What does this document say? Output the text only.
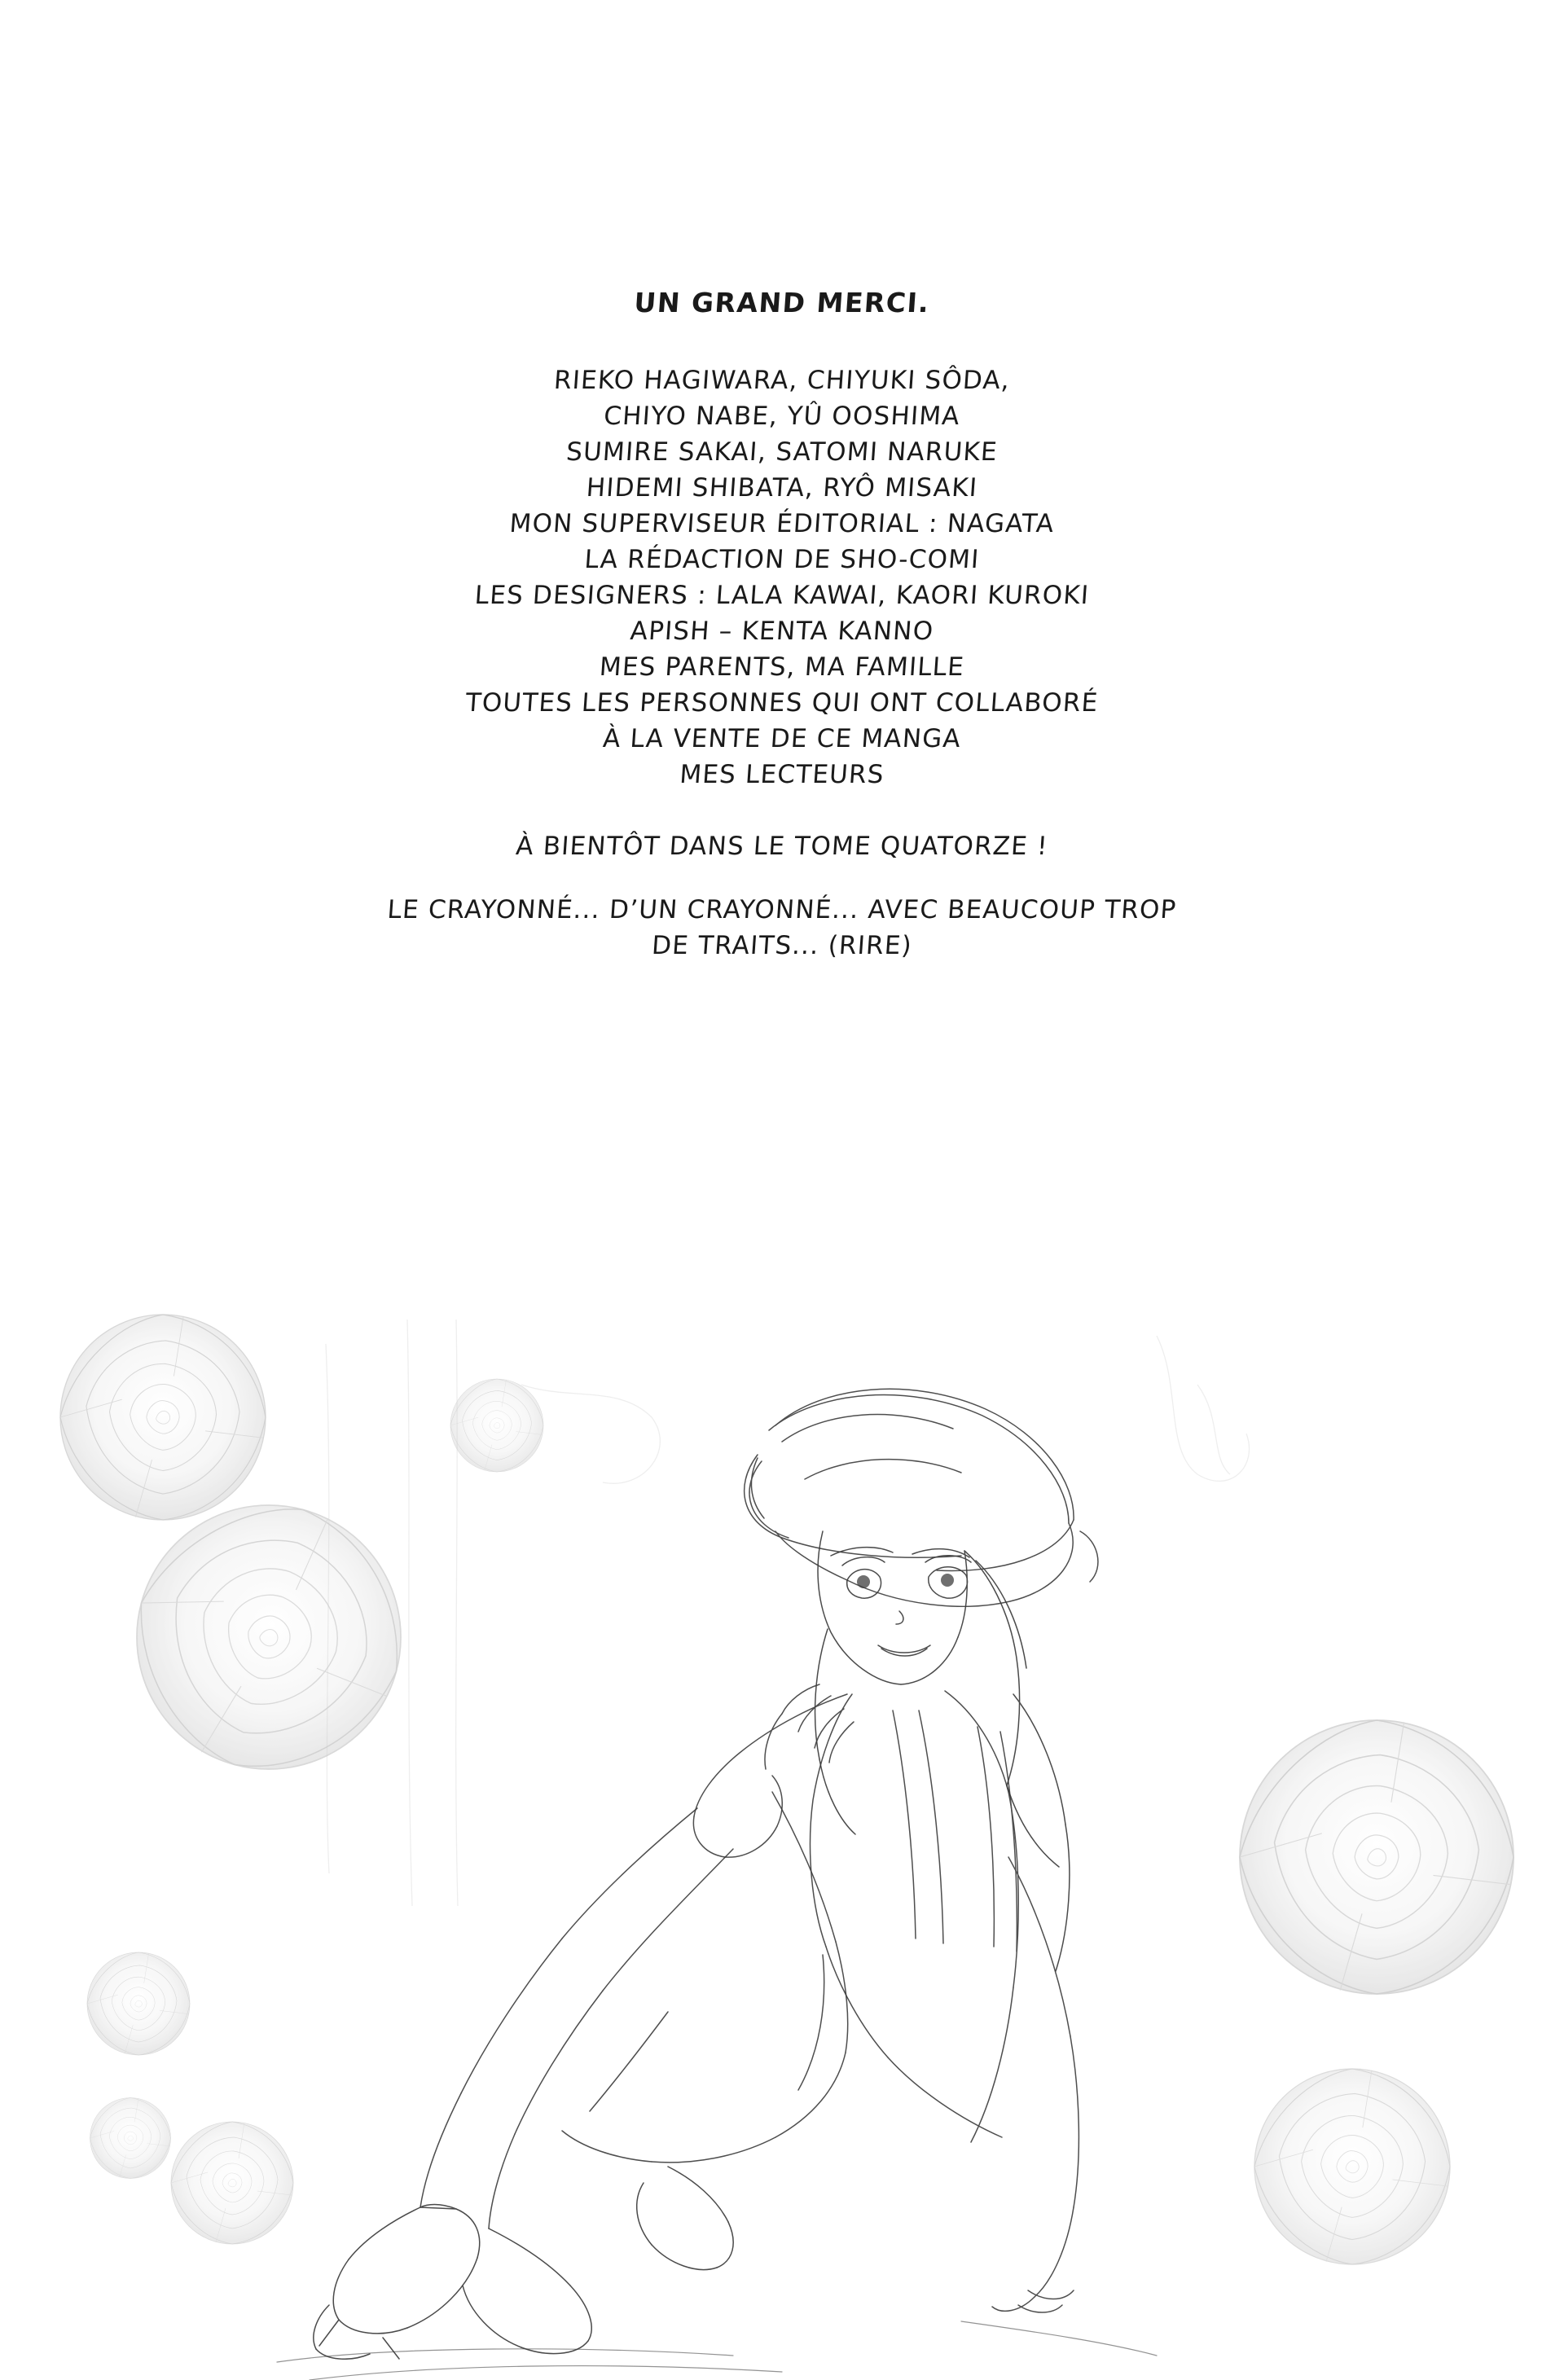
UN GRAND MERCI.
RIEKO HAGIWARA, CHIYUKI SÔDA,
CHIYO NABE, YÛ OOSHIMA
SUMIRE SAKAI, SATOMI NARUKE
HIDEMI SHIBATA, RYÔ MISAKI
MON SUPERVISEUR ÉDITORIAL : NAGATA
LA RÉDACTION DE SHO-COMI
LES DESIGNERS : LALA KAWAI, KAORI KUROKI
APISH – KENTA KANNO
MES PARENTS, MA FAMILLE
TOUTES LES PERSONNES QUI ONT COLLABORÉ
À LA VENTE DE CE MANGA
MES LECTEURS
À BIENTÔT DANS LE TOME QUATORZE !
LE CRAYONNÉ... D’UN CRAYONNÉ... AVEC BEAUCOUP TROP
DE TRAITS... (RIRE)
